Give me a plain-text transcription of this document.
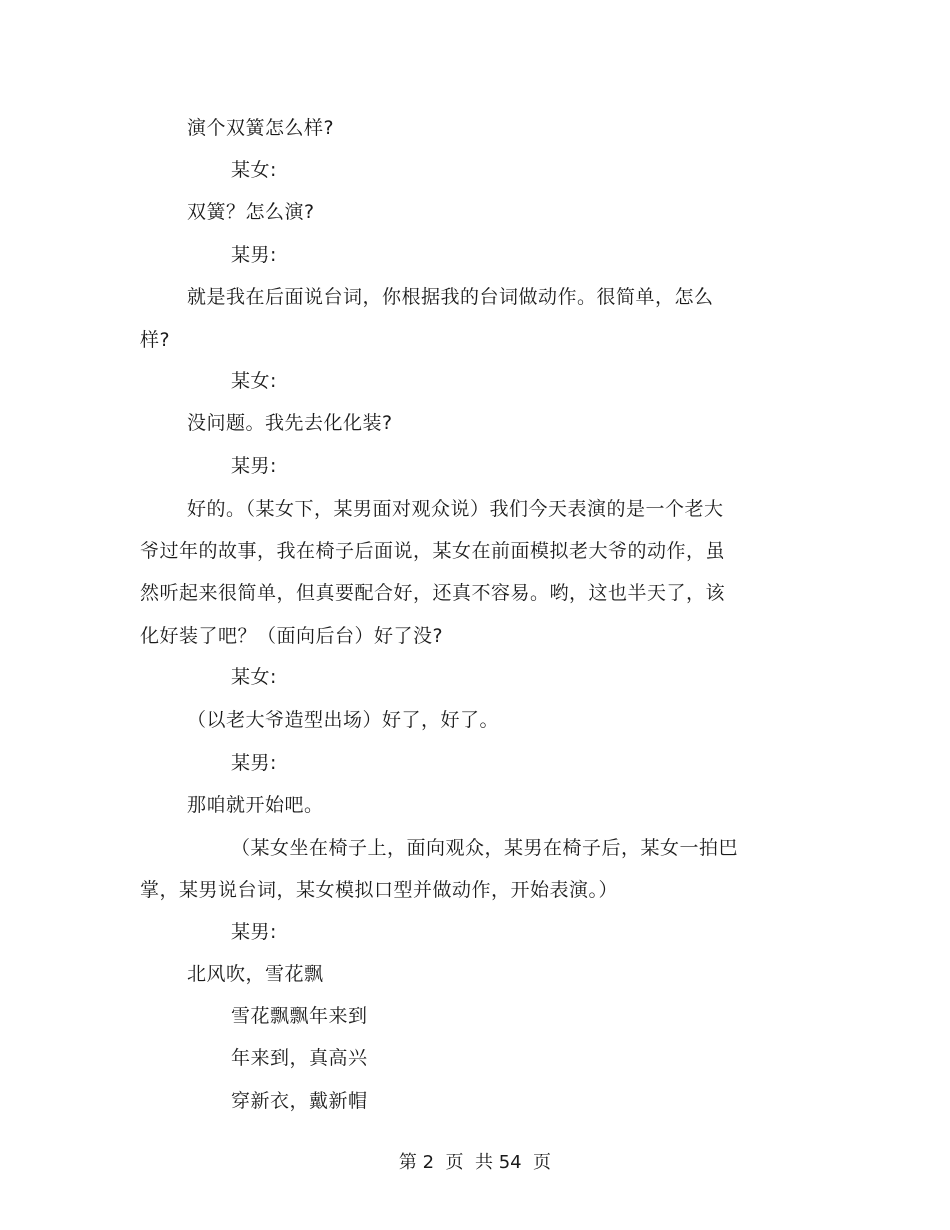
演个双簧怎么样?
某女:
双簧？怎么演?
某男:
就是我在后面说台词，你根据我的台词做动作。很简单，怎么
样?
某女:
没问题。我先去化化装?
某男:
好的。（某女下，某男面对观众说）我们今天表演的是一个老大
爷过年的故事，我在椅子后面说，某女在前面模拟老大爷的动作，虽
然听起来很简单，但真要配合好，还真不容易。哟，这也半天了，该
化好装了吧？（面向后台）好了没?
某女:
（以老大爷造型出场）好了，好了。
某男:
那咱就开始吧。
（某女坐在椅子上，面向观众，某男在椅子后，某女一拍巴
掌，某男说台词，某女模拟口型并做动作，开始表演。）
某男:
北风吹，雪花飘
雪花飘飘年来到
年来到，真高兴
穿新衣，戴新帽
第 2  页  共 54  页
